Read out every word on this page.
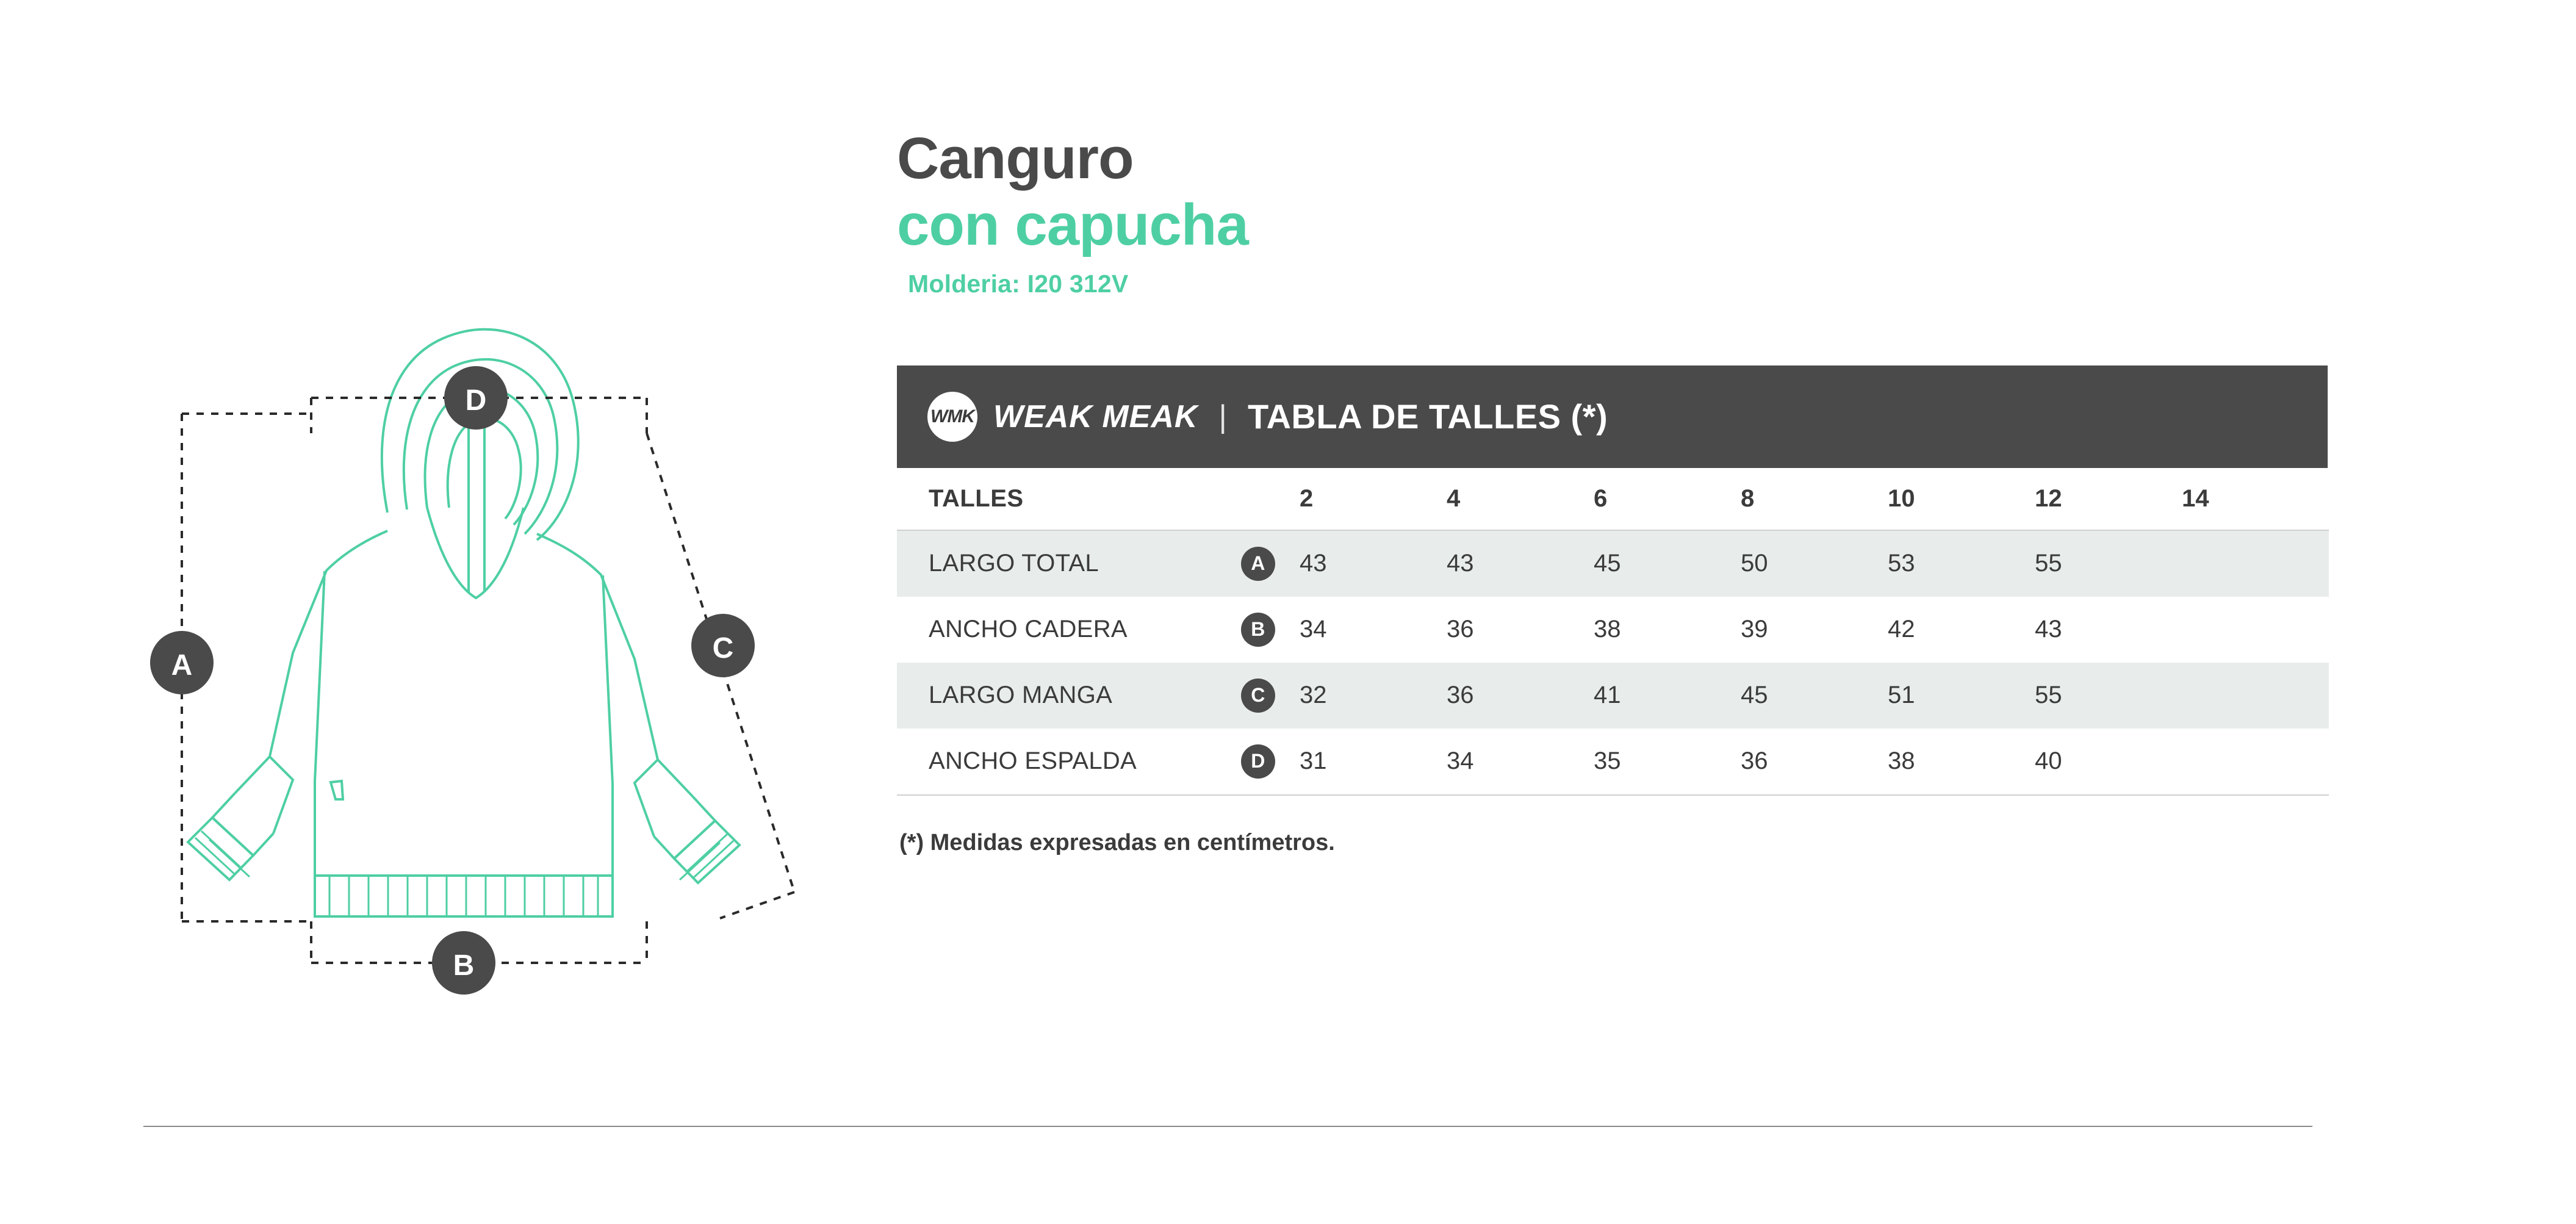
A
B
C
D
Canguro
con capucha
Molderia: I20 312V
WMK WEAK MEAK | TABLA DE TALLES (*)
TALLES	2	4	6	8	10	12	14

LARGO TOTAL A	43	43	45	50	53	55	

ANCHO CADERA B	34	36	38	39	42	43	

LARGO MANGA C	32	36	41	45	51	55	

ANCHO ESPALDA D	31	34	35	36	38	40	
(*) Medidas expresadas en centímetros.
